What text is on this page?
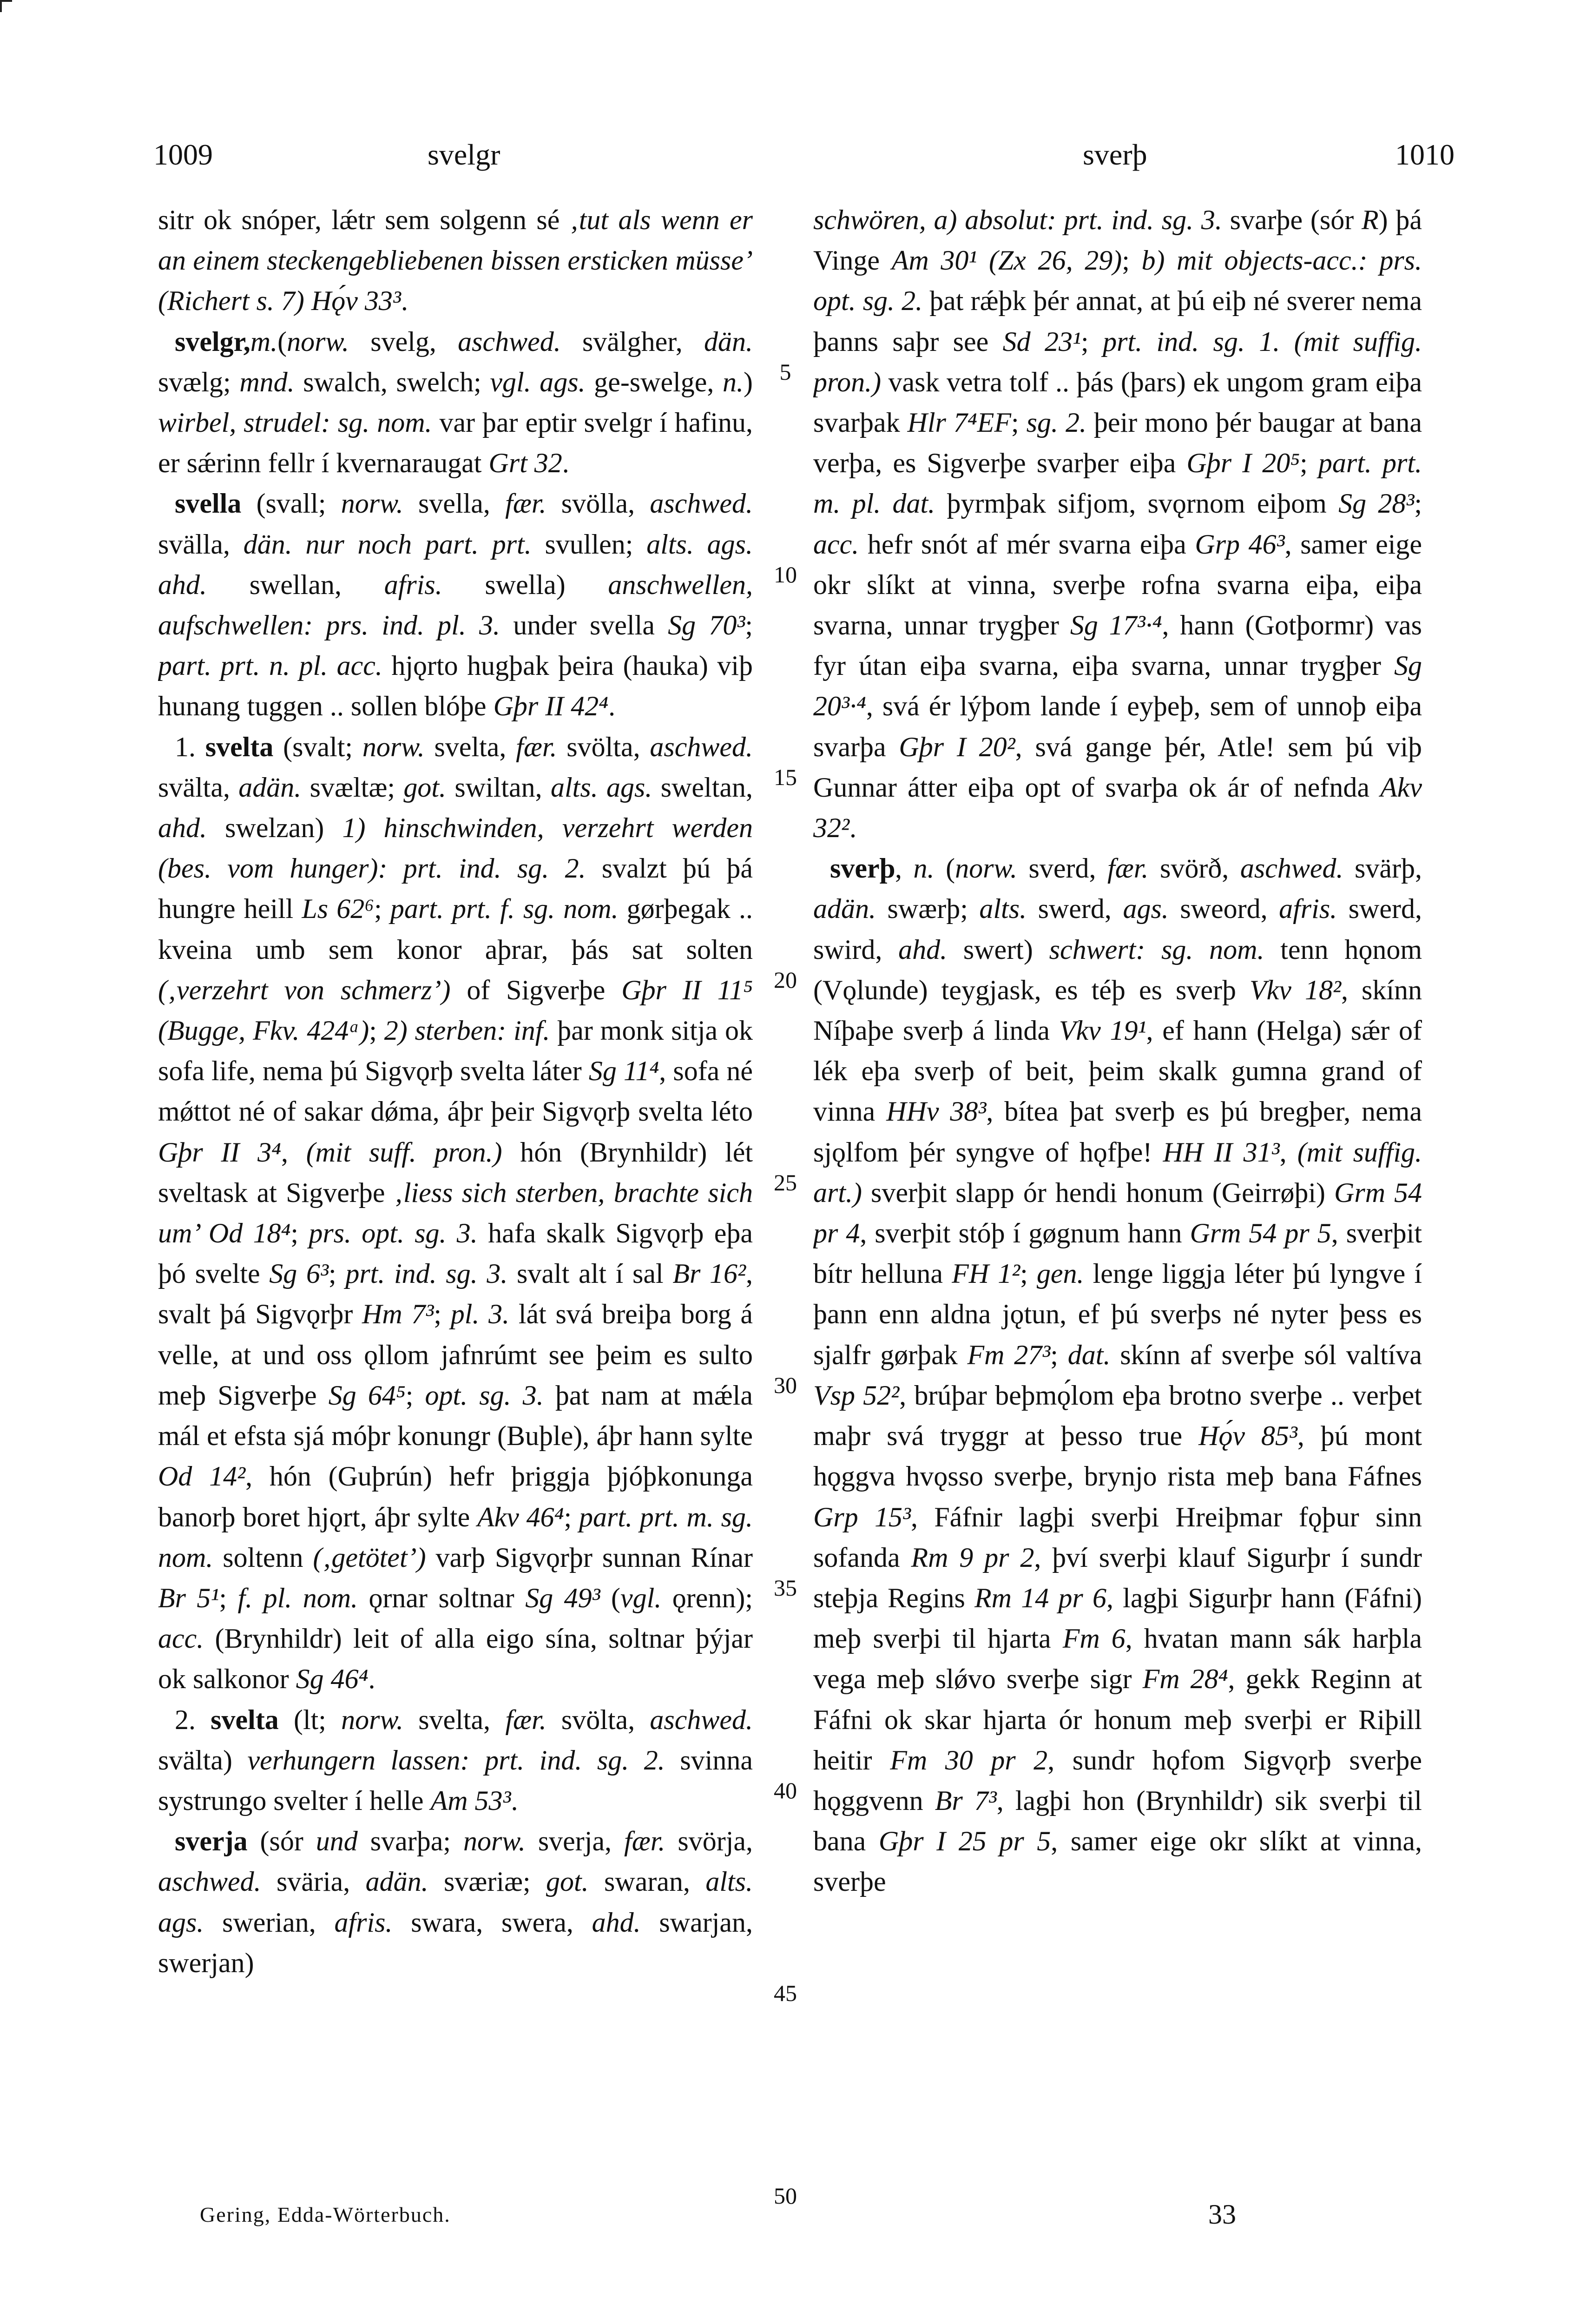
1009	svelgr	sverþ	1010

sitr ok snóper, lǽtr sem solgenn sé ‚tut als wenn er an einem steckengebliebenen bissen ersticken müsse’ (Richert s. 7) Hǫ́v 33³.

svelgr,m.(norw. svelg, aschwed. svälgher, dän. svælg; mnd. swalch, swelch; vgl. ags. ge-swelge, n.) wirbel, strudel: sg. nom. var þar eptir svelgr í hafinu, er sǽrinn fellr í kvernaraugat Grt 32.

svella (svall; norw. svella, fær. svölla, aschwed. svälla, dän. nur noch part. prt. svullen; alts. ags. ahd. swellan, afris. swella) anschwellen, aufschwellen: prs. ind. pl. 3. under svella Sg 70³; part. prt. n. pl. acc. hjǫrto hugþak þeira (hauka) viþ hunang tuggen .. sollen blóþe Gþr II 42⁴.

1. svelta (svalt; norw. svelta, fær. svölta, aschwed. svälta, adän. svæltæ; got. swiltan, alts. ags. sweltan, ahd. swelzan) 1) hinschwinden, verzehrt werden (bes. vom hunger): prt. ind. sg. 2. svalzt þú þá hungre heill Ls 62⁶; part. prt. f. sg. nom. gørþegak .. kveina umb sem konor aþrar, þás sat solten (‚verzehrt von schmerz’) of Sigverþe Gþr II 11⁵ (Bugge, Fkv. 424ᵃ); 2) sterben: inf. þar monk sitja ok sofa life, nema þú Sigvǫrþ svelta láter Sg 11⁴, sofa né mǿttot né of sakar dǿma, áþr þeir Sigvǫrþ svelta léto Gþr II 3⁴, (mit suff. pron.) hón (Brynhildr) lét sveltask at Sigverþe ‚liess sich sterben, brachte sich um’ Od 18⁴; prs. opt. sg. 3. hafa skalk Sigvǫrþ eþa þó svelte Sg 6³; prt. ind. sg. 3. svalt alt í sal Br 16², svalt þá Sigvǫrþr Hm 7³; pl. 3. lát svá breiþa borg á velle, at und oss ǫllom jafnrúmt see þeim es sulto meþ Sigverþe Sg 64⁵; opt. sg. 3. þat nam at mǽla mál et efsta sjá móþr konungr (Buþle), áþr hann sylte Od 14², hón (Guþrún) hefr þriggja þjóþkonunga banorþ boret hjǫrt, áþr sylte Akv 46⁴; part. prt. m. sg. nom. soltenn (‚getötet’) varþ Sigvǫrþr sunnan Rínar Br 5¹; f. pl. nom. ǫrnar soltnar Sg 49³ (vgl. ǫrenn); acc. (Brynhildr) leit of alla eigo sína, soltnar þýjar ok salkonor Sg 46⁴.

2. svelta (lt; norw. svelta, fær. svölta, aschwed. svälta) verhungern lassen: prt. ind. sg. 2. svinna systrungo svelter í helle Am 53³.

sverja (sór und svarþa; norw. sverja, fær. svörja, aschwed. sväria, adän. sværiæ; got. swaran, alts. ags. swerian, afris. swara, swera, ahd. swarjan, swerjan)

5
10
15
20
25
30
35
40
45
50

schwören, a) absolut: prt. ind. sg. 3. svarþe (sór R) þá Vinge Am 30¹ (Zx 26, 29); b) mit objects-acc.: prs. opt. sg. 2. þat rǽþk þér annat, at þú eiþ né sverer nema þanns saþr see Sd 23¹; prt. ind. sg. 1. (mit suffig. pron.) vask vetra tolf .. þás (þars) ek ungom gram eiþa svarþak Hlr 7⁴EF; sg. 2. þeir mono þér baugar at bana verþa, es Sigverþe svarþer eiþa Gþr I 20⁵; part. prt. m. pl. dat. þyrmþak sifjom, svǫrnom eiþom Sg 28³; acc. hefr snót af mér svarna eiþa Grp 46³, samer eige okr slíkt at vinna, sverþe rofna svarna eiþa, eiþa svarna, unnar trygþer Sg 17³·⁴, hann (Gotþormr) vas fyr útan eiþa svarna, eiþa svarna, unnar trygþer Sg 20³·⁴, svá ér lýþom lande í eyþeþ, sem of unnoþ eiþa svarþa Gþr I 20², svá gange þér, Atle! sem þú viþ Gunnar átter eiþa opt of svarþa ok ár of nefnda Akv 32².

sverþ, n. (norw. sverd, fær. svörð, aschwed. svärþ, adän. swærþ; alts. swerd, ags. sweord, afris. swerd, swird, ahd. swert) schwert: sg. nom. tenn hǫnom (Vǫlunde) teygjask, es téþ es sverþ Vkv 18², skínn Níþaþe sverþ á linda Vkv 19¹, ef hann (Helga) sǽr of lék eþa sverþ of beit, þeim skalk gumna grand of vinna HHv 38³, bítea þat sverþ es þú bregþer, nema sjǫlfom þér syngve of hǫfþe! HH II 31³, (mit suffig. art.) sverþit slapp ór hendi honum (Geirrøþi) Grm 54 pr 4, sverþit stóþ í gøgnum hann Grm 54 pr 5, sverþit bítr helluna FH 1²; gen. lenge liggja léter þú lyngve í þann enn aldna jǫtun, ef þú sverþs né nyter þess es sjalfr gørþak Fm 27³; dat. skínn af sverþe sól valtíva Vsp 52², brúþar beþmǫ́lom eþa brotno sverþe .. verþet maþr svá tryggr at þesso true Hǫ́v 85³, þú mont hǫggva hvǫsso sverþe, brynjo rista meþ bana Fáfnes Grp 15³, Fáfnir lagþi sverþi Hreiþmar fǫþur sinn sofanda Rm 9 pr 2, því sverþi klauf Sigurþr í sundr steþja Regins Rm 14 pr 6, lagþi Sigurþr hann (Fáfni) meþ sverþi til hjarta Fm 6, hvatan mann sák harþla vega meþ slǿvo sverþe sigr Fm 28⁴, gekk Reginn at Fáfni ok skar hjarta ór honum meþ sverþi er Riþill heitir Fm 30 pr 2, sundr hǫfom Sigvǫrþ sverþe hǫggvenn Br 7³, lagþi hon (Brynhildr) sik sverþi til bana Gþr I 25 pr 5, samer eige okr slíkt at vinna, sverþe

Gering, Edda-Wörterbuch.	33
